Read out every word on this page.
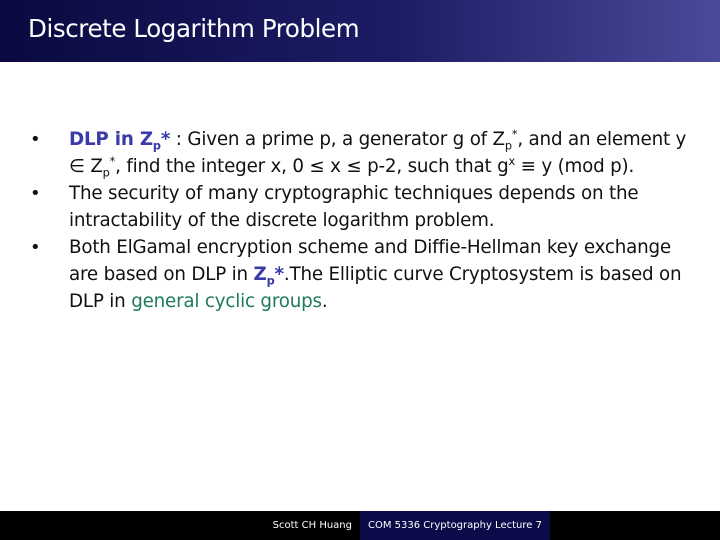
Discrete Logarithm Problem
• DLP in $Z_p*$ : Given a prime p, a generator g of $Z_p^*$, and an element y ∈ $Z_p^*$, find the integer x, 0 ≤ x ≤ p-2, such that $g^x \equiv y$ (mod p).
• The security of many cryptographic techniques depends on the intractability of the discrete logarithm problem.
• Both ElGamal encryption scheme and Diffie-Hellman key exchange are based on DLP in $Z_p*.The$ Elliptic curve Cryptosystem is based on DLP in general cyclic groups.
Scott CH Huang	COM 5336 Cryptography Lecture 7
